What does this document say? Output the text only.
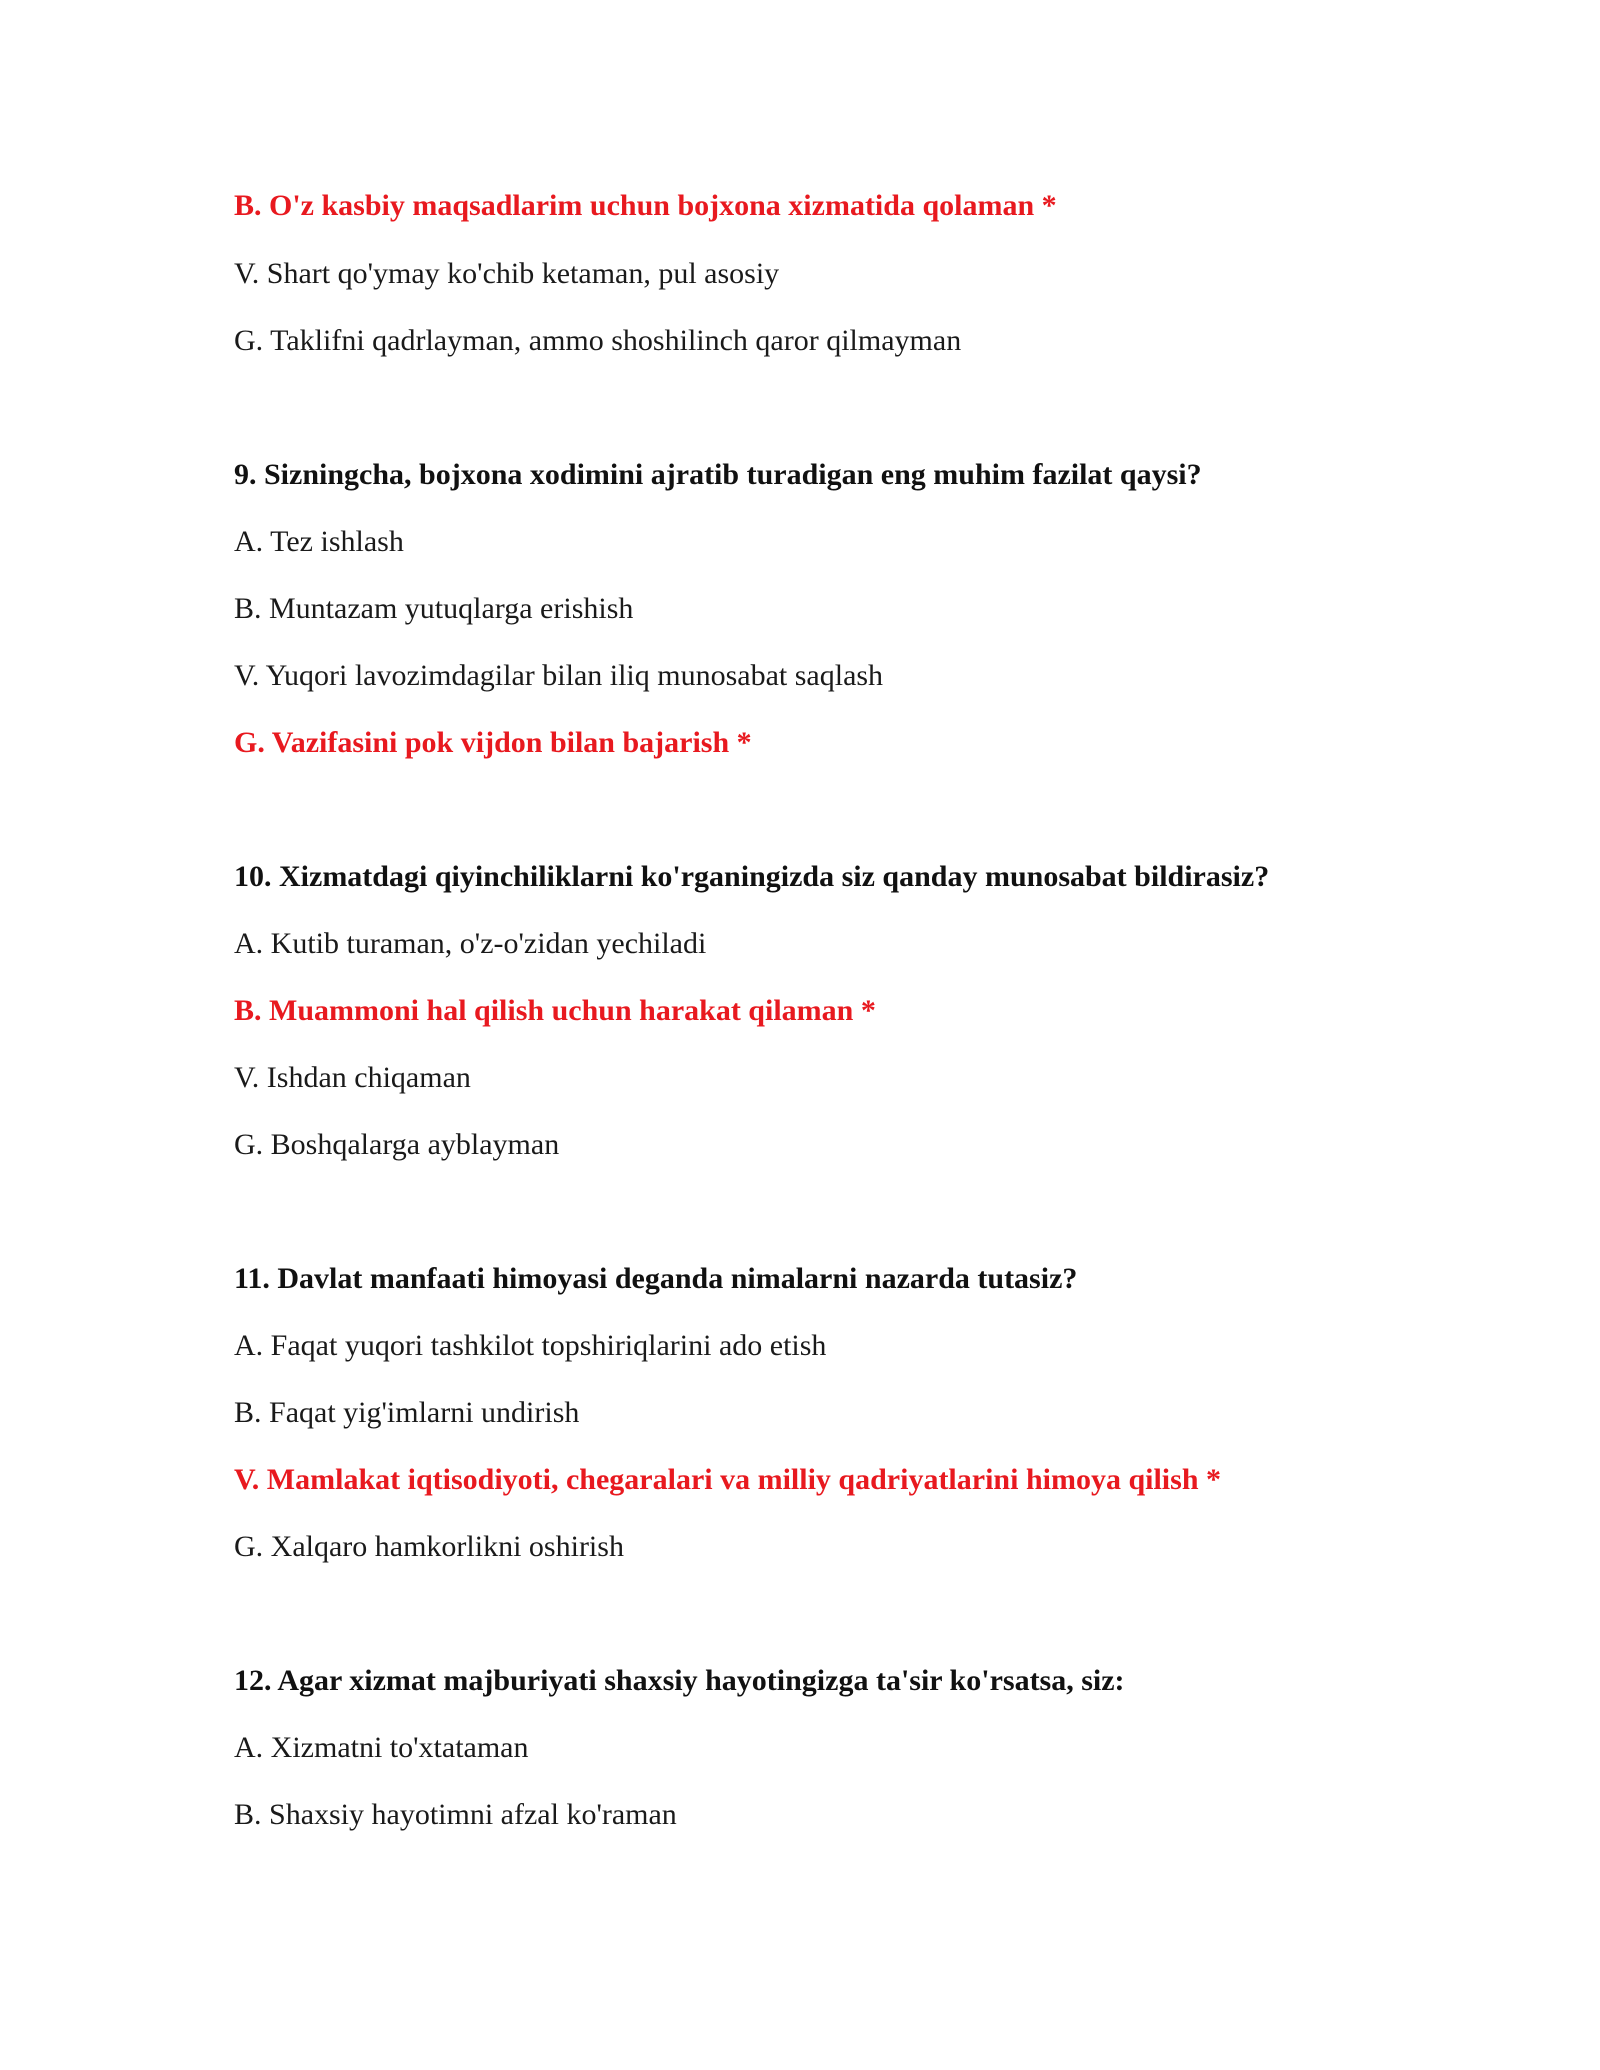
B. O'z kasbiy maqsadlarim uchun bojxona xizmatida qolaman *
V. Shart qo'ymay ko'chib ketaman, pul asosiy
G. Taklifni qadrlayman, ammo shoshilinch qaror qilmayman
9. Sizningcha, bojxona xodimini ajratib turadigan eng muhim fazilat qaysi?
A. Tez ishlash
B. Muntazam yutuqlarga erishish
V. Yuqori lavozimdagilar bilan iliq munosabat saqlash
G. Vazifasini pok vijdon bilan bajarish *
10. Xizmatdagi qiyinchiliklarni ko'rganingizda siz qanday munosabat bildirasiz?
A. Kutib turaman, o'z-o'zidan yechiladi
B. Muammoni hal qilish uchun harakat qilaman *
V. Ishdan chiqaman
G. Boshqalarga ayblayman
11. Davlat manfaati himoyasi deganda nimalarni nazarda tutasiz?
A. Faqat yuqori tashkilot topshiriqlarini ado etish
B. Faqat yig'imlarni undirish
V. Mamlakat iqtisodiyoti, chegaralari va milliy qadriyatlarini himoya qilish *
G. Xalqaro hamkorlikni oshirish
12. Agar xizmat majburiyati shaxsiy hayotingizga ta'sir ko'rsatsa, siz:
A. Xizmatni to'xtataman
B. Shaxsiy hayotimni afzal ko'raman
